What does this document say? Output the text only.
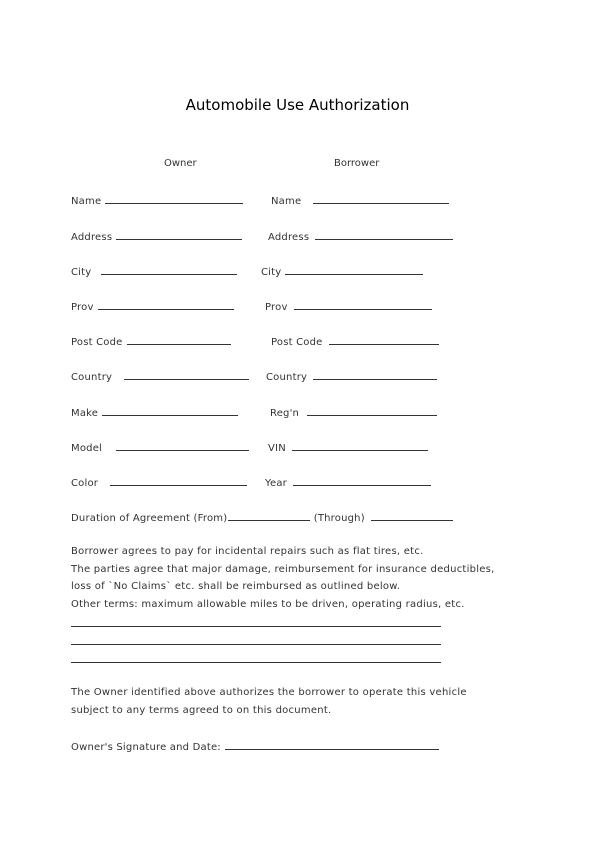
Automobile Use Authorization
Owner	Borrower
Name
Address
City
Prov
Post Code
Country
Make
Model
Color
Name
Address
City
Prov
Post Code
Country
Reg'n
VIN
Year
Duration of Agreement (From)	(Through)
Borrower agrees to pay for incidental repairs such as flat tires, etc.
The parties agree that major damage, reimbursement for insurance deductibles,
loss of `No Claims` etc. shall be reimbursed as outlined below.
Other terms: maximum allowable miles to be driven, operating radius, etc.
The Owner identified above authorizes the borrower to operate this vehicle
subject to any terms agreed to on this document.
Owner's Signature and Date:
